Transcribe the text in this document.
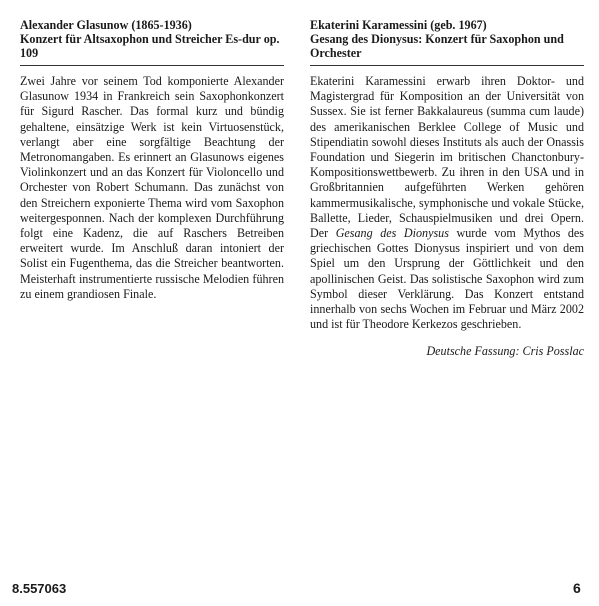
Alexander Glasunow (1865-1936)

Konzert für Altsaxophon und Streicher Es-dur op. 109

Zwei Jahre vor seinem Tod komponierte Alexander Glasunow 1934 in Frankreich sein Saxophonkonzert für Sigurd Rascher. Das formal kurz und bündig gehaltene, einsätzige Werk ist kein Virtuosenstück, verlangt aber eine sorgfältige Beachtung der Metronomangaben. Es erinnert an Glasunows eigenes Violinkonzert und an das Konzert für Violoncello und Orchester von Robert Schumann. Das zunächst von den Streichern exponierte Thema wird vom Saxophon weitergesponnen. Nach der komplexen Durchführung folgt eine Kadenz, die auf Raschers Betreiben erweitert wurde. Im Anschluß daran intoniert der Solist ein Fugenthema, das die Streicher beantworten. Meisterhaft instrumentierte russische Melodien führen zu einem grandiosen Finale.

Ekaterini Karamessini (geb. 1967)

Gesang des Dionysus: Konzert für Saxophon und Orchester

Ekaterini Karamessini erwarb ihren Doktor- und Magistergrad für Komposition an der Universität von Sussex. Sie ist ferner Bakkalaureus (summa cum laude) des amerikanischen Berklee College of Music und Stipendiatin sowohl dieses Instituts als auch der Onassis Foundation und Siegerin im britischen Chanctonbury-Kompositionswettbewerb. Zu ihren in den USA und in Großbritannien aufgeführten Werken gehören kammermusikalische, symphonische und vokale Stücke, Ballette, Lieder, Schauspielmusiken und drei Opern. Der Gesang des Dionysus wurde vom Mythos des griechischen Gottes Dionysus inspiriert und von dem Spiel um den Ursprung der Göttlichkeit und den apollinischen Geist. Das solistische Saxophon wird zum Symbol dieser Verklärung. Das Konzert entstand innerhalb von sechs Wochen im Februar und März 2002 und ist für Theodore Kerkezos geschrieben.

Deutsche Fassung: Cris Posslac

8.557063	6
